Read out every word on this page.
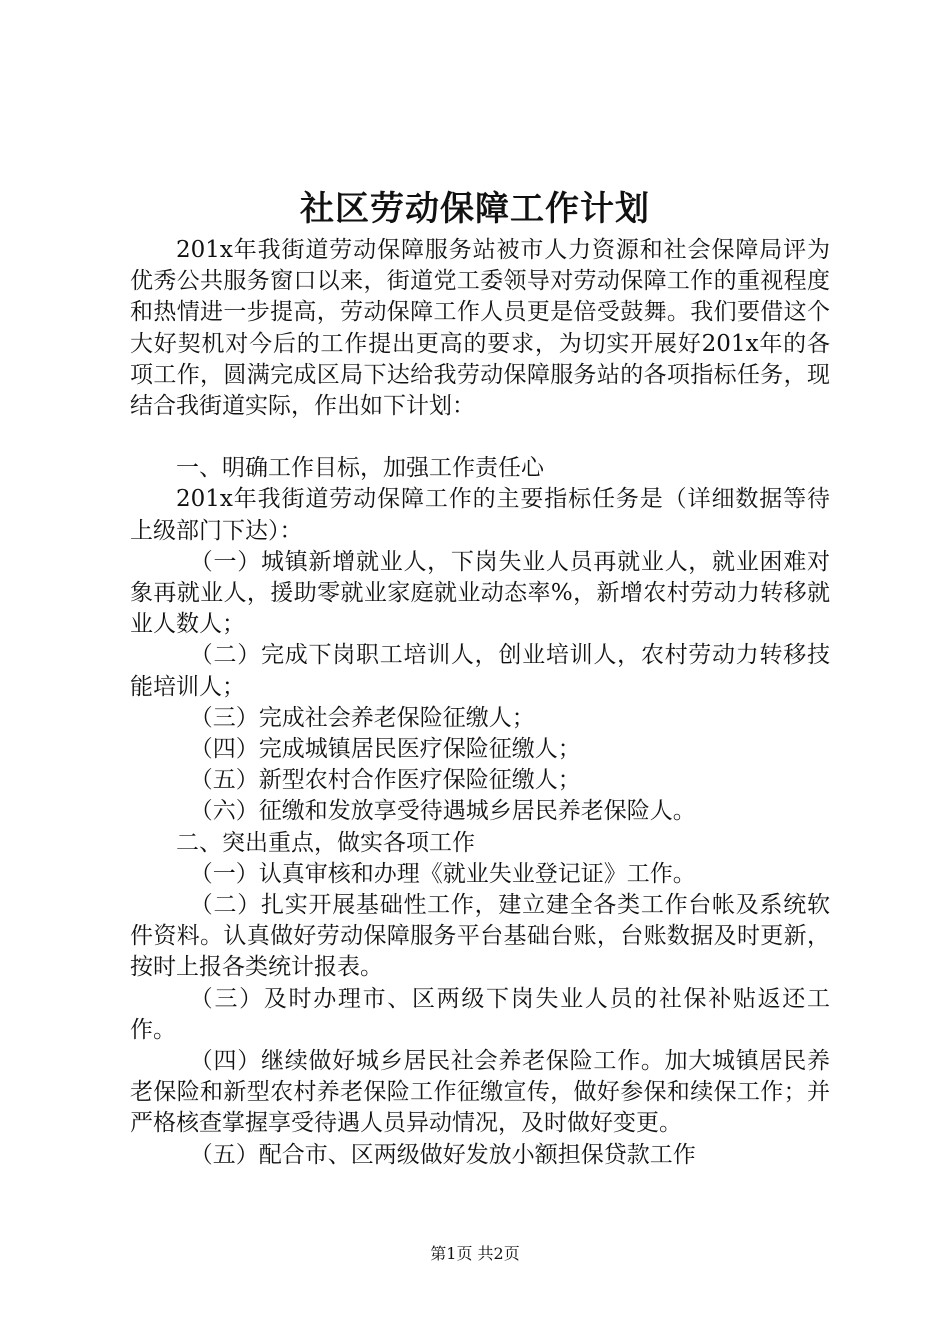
社区劳动保障工作计划

201x年我街道劳动保障服务站被市人力资源和社会保障局评为优秀公共服务窗口以来，街道党工委领导对劳动保障工作的重视程度和热情进一步提高，劳动保障工作人员更是倍受鼓舞。我们要借这个大好契机对今后的工作提出更高的要求，为切实开展好201x年的各项工作，圆满完成区局下达给我劳动保障服务站的各项指标任务，现结合我街道实际，作出如下计划：

一、明确工作目标，加强工作责任心

201x年我街道劳动保障工作的主要指标任务是（详细数据等待上级部门下达）：

（一）城镇新增就业人，下岗失业人员再就业人，就业困难对象再就业人，援助零就业家庭就业动态率%，新增农村劳动力转移就业人数人；

（二）完成下岗职工培训人，创业培训人，农村劳动力转移技能培训人；

（三）完成社会养老保险征缴人；

（四）完成城镇居民医疗保险征缴人；

（五）新型农村合作医疗保险征缴人；

（六）征缴和发放享受待遇城乡居民养老保险人。

二、突出重点，做实各项工作

（一）认真审核和办理《就业失业登记证》工作。

（二）扎实开展基础性工作，建立建全各类工作台帐及系统软件资料。认真做好劳动保障服务平台基础台账，台账数据及时更新，按时上报各类统计报表。

（三）及时办理市、区两级下岗失业人员的社保补贴返还工作。

（四）继续做好城乡居民社会养老保险工作。加大城镇居民养老保险和新型农村养老保险工作征缴宣传，做好参保和续保工作；并严格核查掌握享受待遇人员异动情况，及时做好变更。

（五）配合市、区两级做好发放小额担保贷款工作

第1页 共2页
